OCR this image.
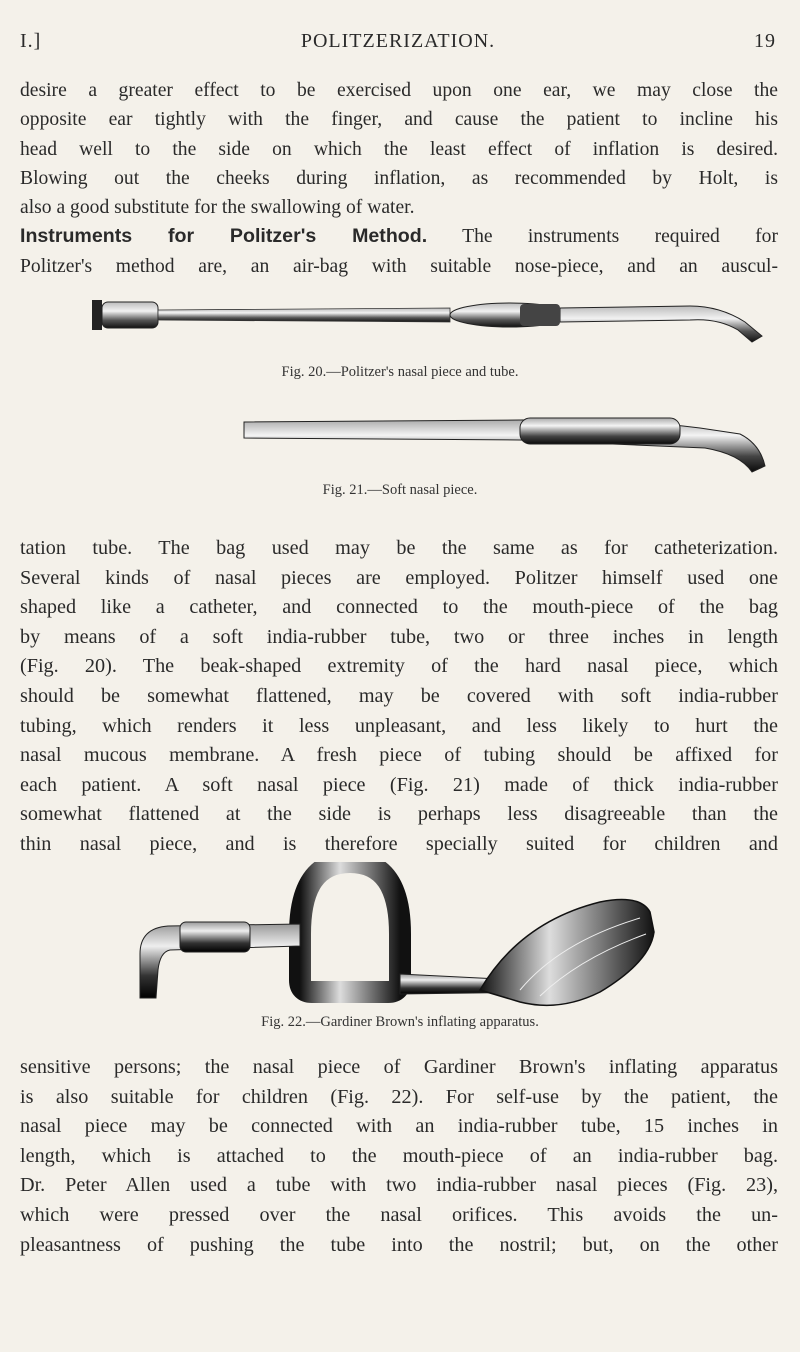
I.]	POLITZERIZATION.	19
desire a greater effect to be exercised upon one ear, we may close the
opposite ear tightly with the finger, and cause the patient to incline his
head well to the side on which the least effect of inflation is desired.
Blowing out the cheeks during inflation, as recommended by Holt, is
also a good substitute for the swallowing of water.
Instruments for Politzer's Method. The instruments required for
Politzer's method are, an air-bag with suitable nose-piece, and an auscul-
Fig. 20.—Politzer's nasal piece and tube.
Fig. 21.—Soft nasal piece.
tation tube. The bag used may be the same as for catheterization.
Several kinds of nasal pieces are employed. Politzer himself used one
shaped like a catheter, and connected to the mouth-piece of the bag
by means of a soft india-rubber tube, two or three inches in length
(Fig. 20). The beak-shaped extremity of the hard nasal piece, which
should be somewhat flattened, may be covered with soft india-rubber
tubing, which renders it less unpleasant, and less likely to hurt the
nasal mucous membrane. A fresh piece of tubing should be affixed for
each patient. A soft nasal piece (Fig. 21) made of thick india-rubber
somewhat flattened at the side is perhaps less disagreeable than the
thin nasal piece, and is therefore specially suited for children and
Fig. 22.—Gardiner Brown's inflating apparatus.
sensitive persons; the nasal piece of Gardiner Brown's inflating apparatus
is also suitable for children (Fig. 22). For self-use by the patient, the
nasal piece may be connected with an india-rubber tube, 15 inches in
length, which is attached to the mouth-piece of an india-rubber bag.
Dr. Peter Allen used a tube with two india-rubber nasal pieces (Fig. 23),
which were pressed over the nasal orifices. This avoids the un-
pleasantness of pushing the tube into the nostril; but, on the other
